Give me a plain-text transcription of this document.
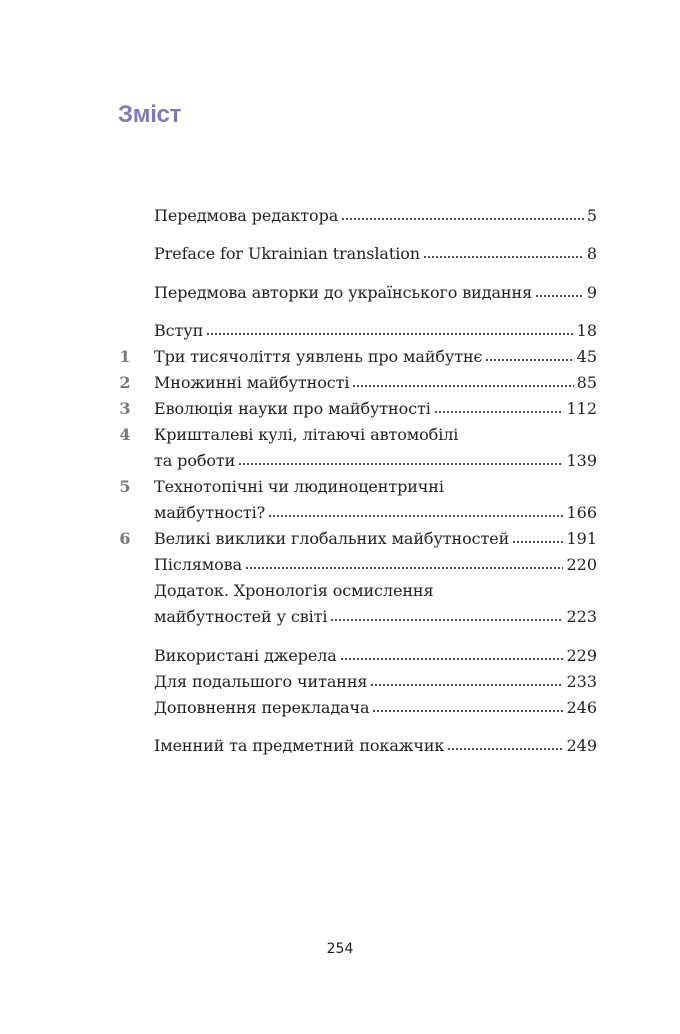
Зміст
Передмова редактора	5
Preface for Ukrainian translation	8
Передмова авторки до українського видання	9
Вступ	18
1	Три тисячоліття уявлень про майбутнє	45
2	Множинні майбутності	85
3	Еволюція науки про майбутності	112
4	Кришталеві кулі, літаючі автомобілі
та роботи	139
5	Технотопічні чи людиноцентричні
майбутності?	166
6	Великі виклики глобальних майбутностей	191
Післямова	220
Додаток. Хронологія осмислення
майбутностей у світі	223
Використані джерела	229
Для подальшого читання	233
Доповнення перекладача	246
Іменний та предметний покажчик	249
254
